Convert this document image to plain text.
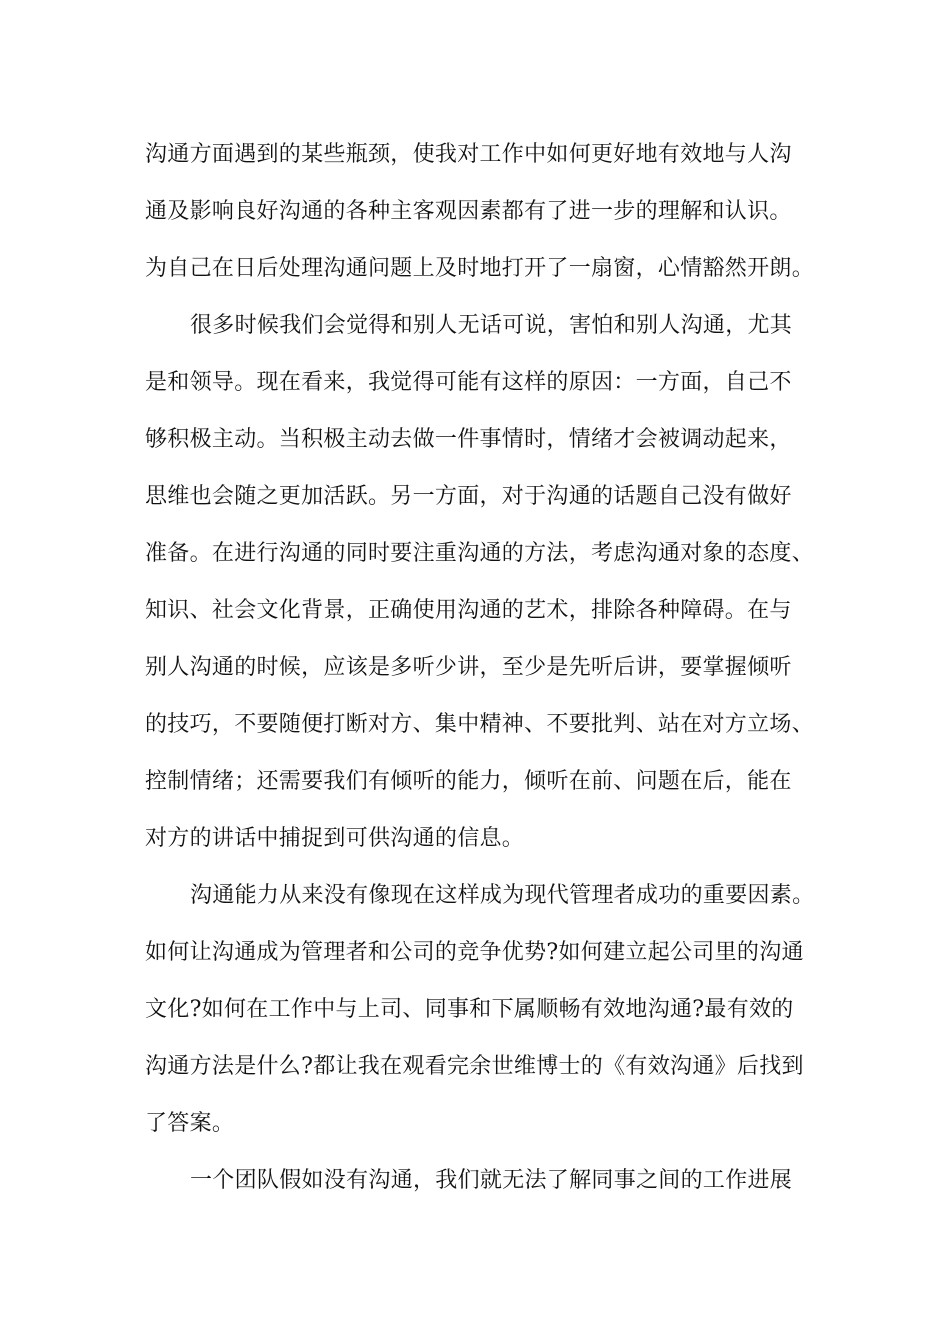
沟通方面遇到的某些瓶颈，使我对工作中如何更好地有效地与人沟
通及影响良好沟通的各种主客观因素都有了进一步的理解和认识。
为自己在日后处理沟通问题上及时地打开了一扇窗，心情豁然开朗。
很多时候我们会觉得和别人无话可说，害怕和别人沟通，尤其
是和领导。现在看来，我觉得可能有这样的原因：一方面，自己不
够积极主动。当积极主动去做一件事情时，情绪才会被调动起来，
思维也会随之更加活跃。另一方面，对于沟通的话题自己没有做好
准备。在进行沟通的同时要注重沟通的方法，考虑沟通对象的态度、
知识、社会文化背景，正确使用沟通的艺术，排除各种障碍。在与
别人沟通的时候，应该是多听少讲，至少是先听后讲，要掌握倾听
的技巧，不要随便打断对方、集中精神、不要批判、站在对方立场、
控制情绪；还需要我们有倾听的能力，倾听在前、问题在后，能在
对方的讲话中捕捉到可供沟通的信息。
沟通能力从来没有像现在这样成为现代管理者成功的重要因素。
如何让沟通成为管理者和公司的竞争优势?如何建立起公司里的沟通
文化?如何在工作中与上司、同事和下属顺畅有效地沟通?最有效的
沟通方法是什么?都让我在观看完余世维博士的《有效沟通》后找到
了答案。
一个团队假如没有沟通，我们就无法了解同事之间的工作进展
